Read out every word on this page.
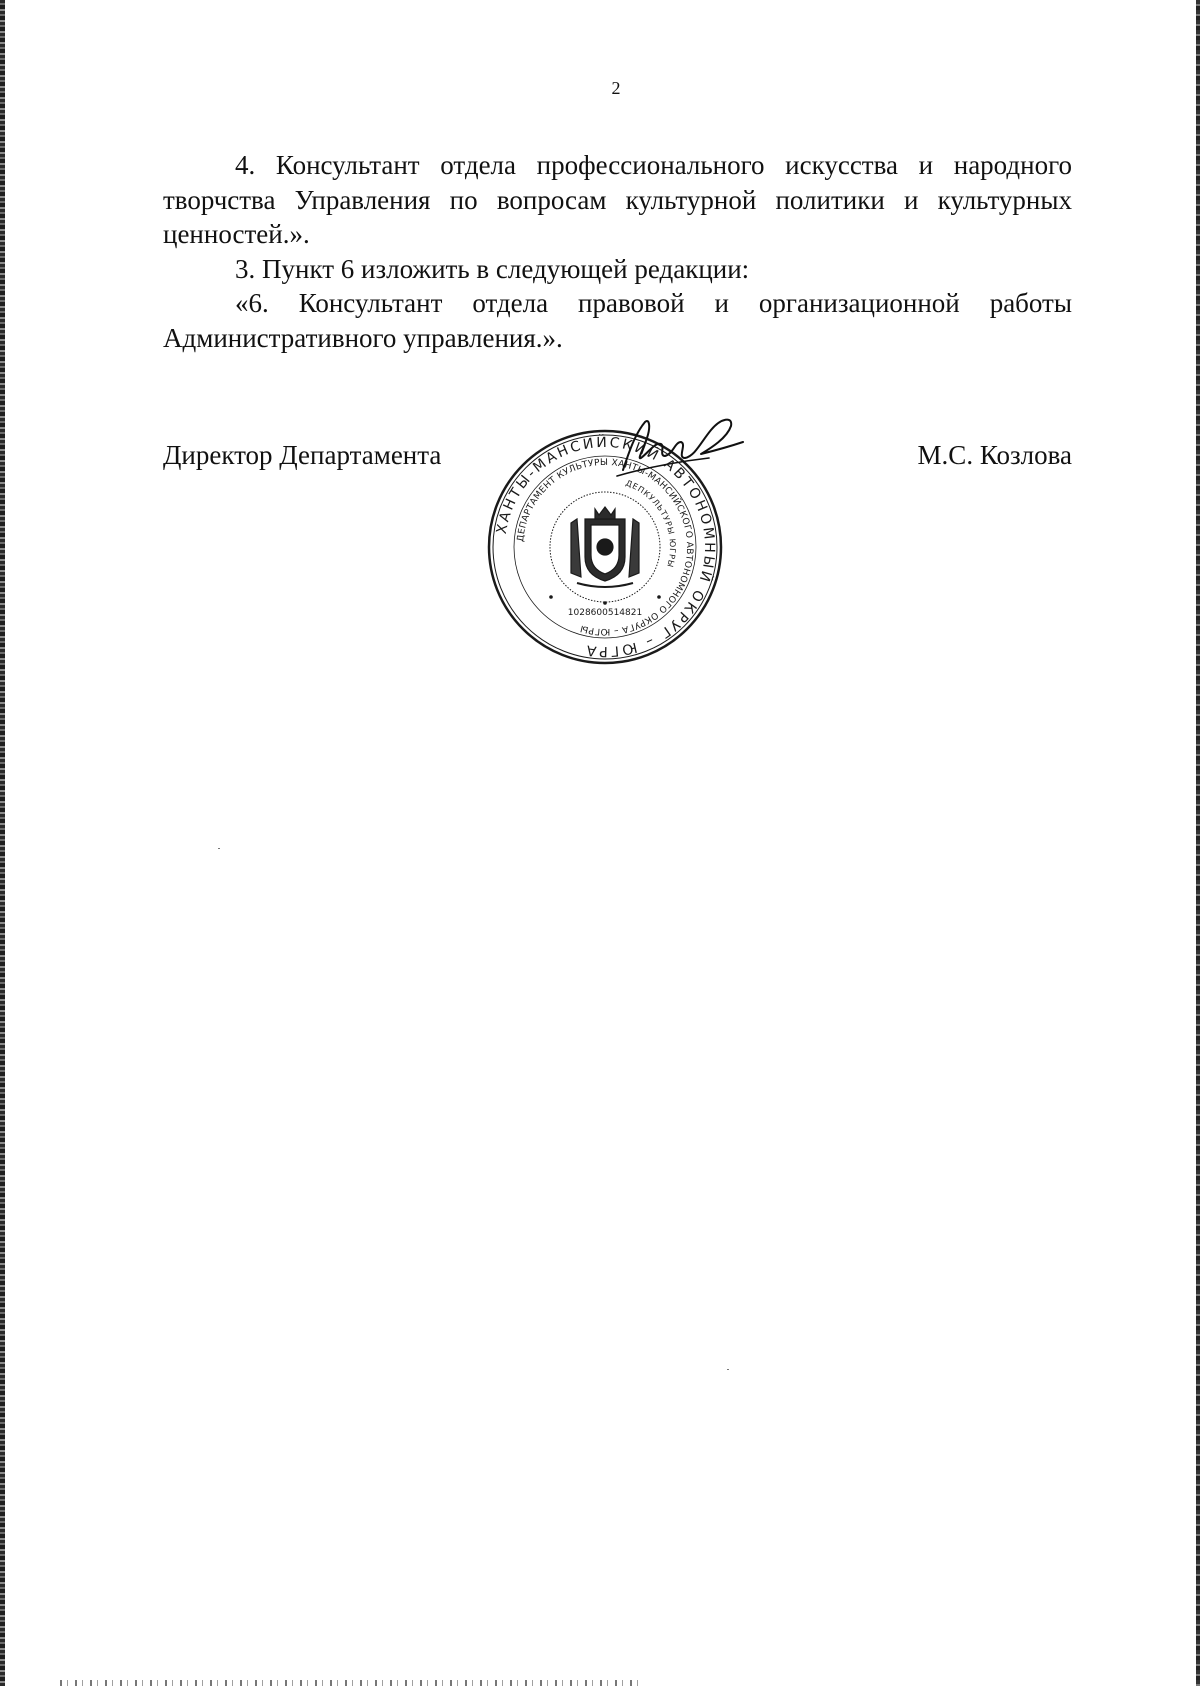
2

4. Консультант отдела профессионального искусства и народного творчства Управления по вопросам культурной политики и культурных ценностей.».

3. Пункт 6 изложить в следующей редакции:

«6. Консультант отдела правовой и организационной работы Административного управления.».

Директор Департамента	М.С. Козлова
ХАНТЫ-МАНСИЙСКИЙ АВТОНОМНЫЙ ОКРУГ – ЮГРА
ДЕПАРТАМЕНТ КУЛЬТУРЫ ХАНТЫ-МАНСИЙСКОГО АВТОНОМНОГО ОКРУГА – ЮГРЫ
ДЕПКУЛЬТУРЫ ЮГРЫ
1028600514821
